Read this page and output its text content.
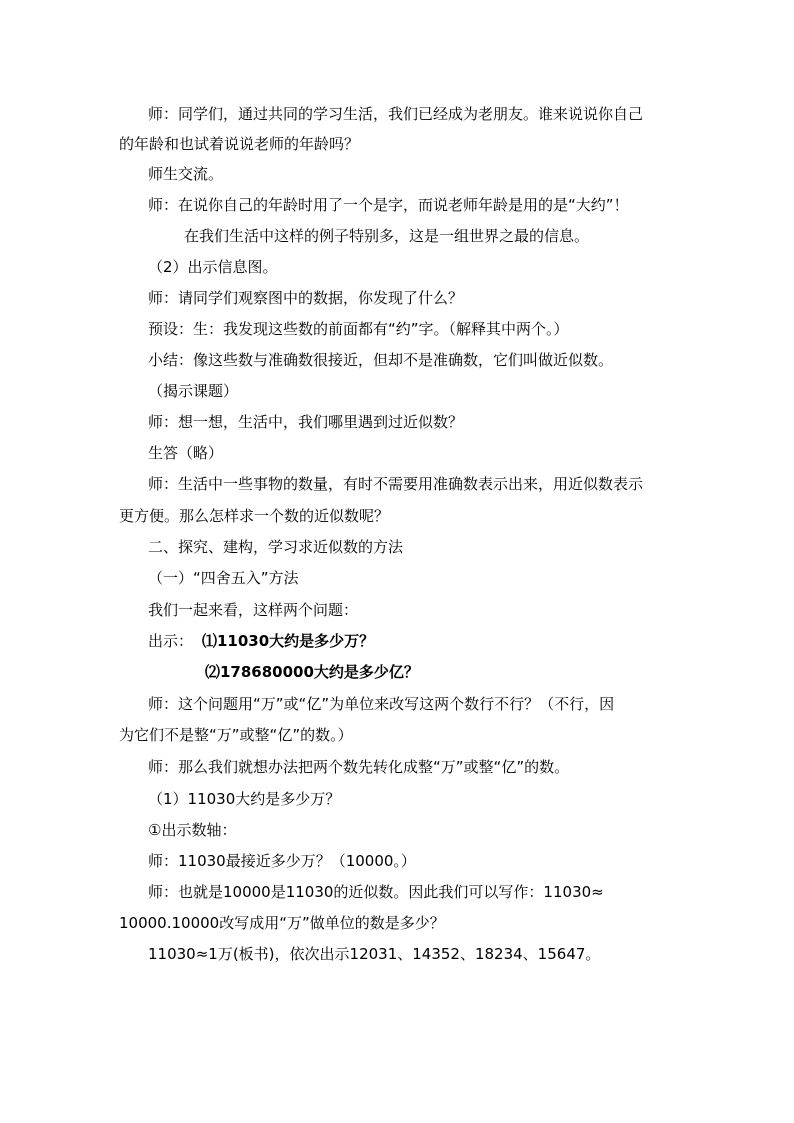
师：同学们，通过共同的学习生活，我们已经成为老朋友。谁来说说你自己
的年龄和也试着说说老师的年龄吗？
师生交流。
师：在说你自己的年龄时用了一个是字，而说老师年龄是用的是“大约”！
在我们生活中这样的例子特别多，这是一组世界之最的信息。
（2）出示信息图。
师：请同学们观察图中的数据，你发现了什么？
预设：生：我发现这些数的前面都有“约”字。（解释其中两个。）
小结：像这些数与准确数很接近，但却不是准确数，它们叫做近似数。
（揭示课题）
师：想一想，生活中，我们哪里遇到过近似数？
生答（略）
师：生活中一些事物的数量，有时不需要用准确数表示出来，用近似数表示
更方便。那么怎样求一个数的近似数呢？
二、探究、建构，学习求近似数的方法
（一）“四舍五入”方法
我们一起来看，这样两个问题：
出示： ⑴11030大约是多少万？
⑵178680000大约是多少亿？
师：这个问题用“万”或“亿”为单位来改写这两个数行不行？（不行，因
为它们不是整“万”或整“亿”的数。）
师：那么我们就想办法把两个数先转化成整“万”或整“亿”的数。
（1）11030大约是多少万？
①出示数轴：
师：11030最接近多少万？（10000。）
师：也就是10000是11030的近似数。因此我们可以写作：11030≈
10000.10000改写成用“万”做单位的数是多少？
11030≈1万(板书)，依次出示12031、14352、18234、15647。
